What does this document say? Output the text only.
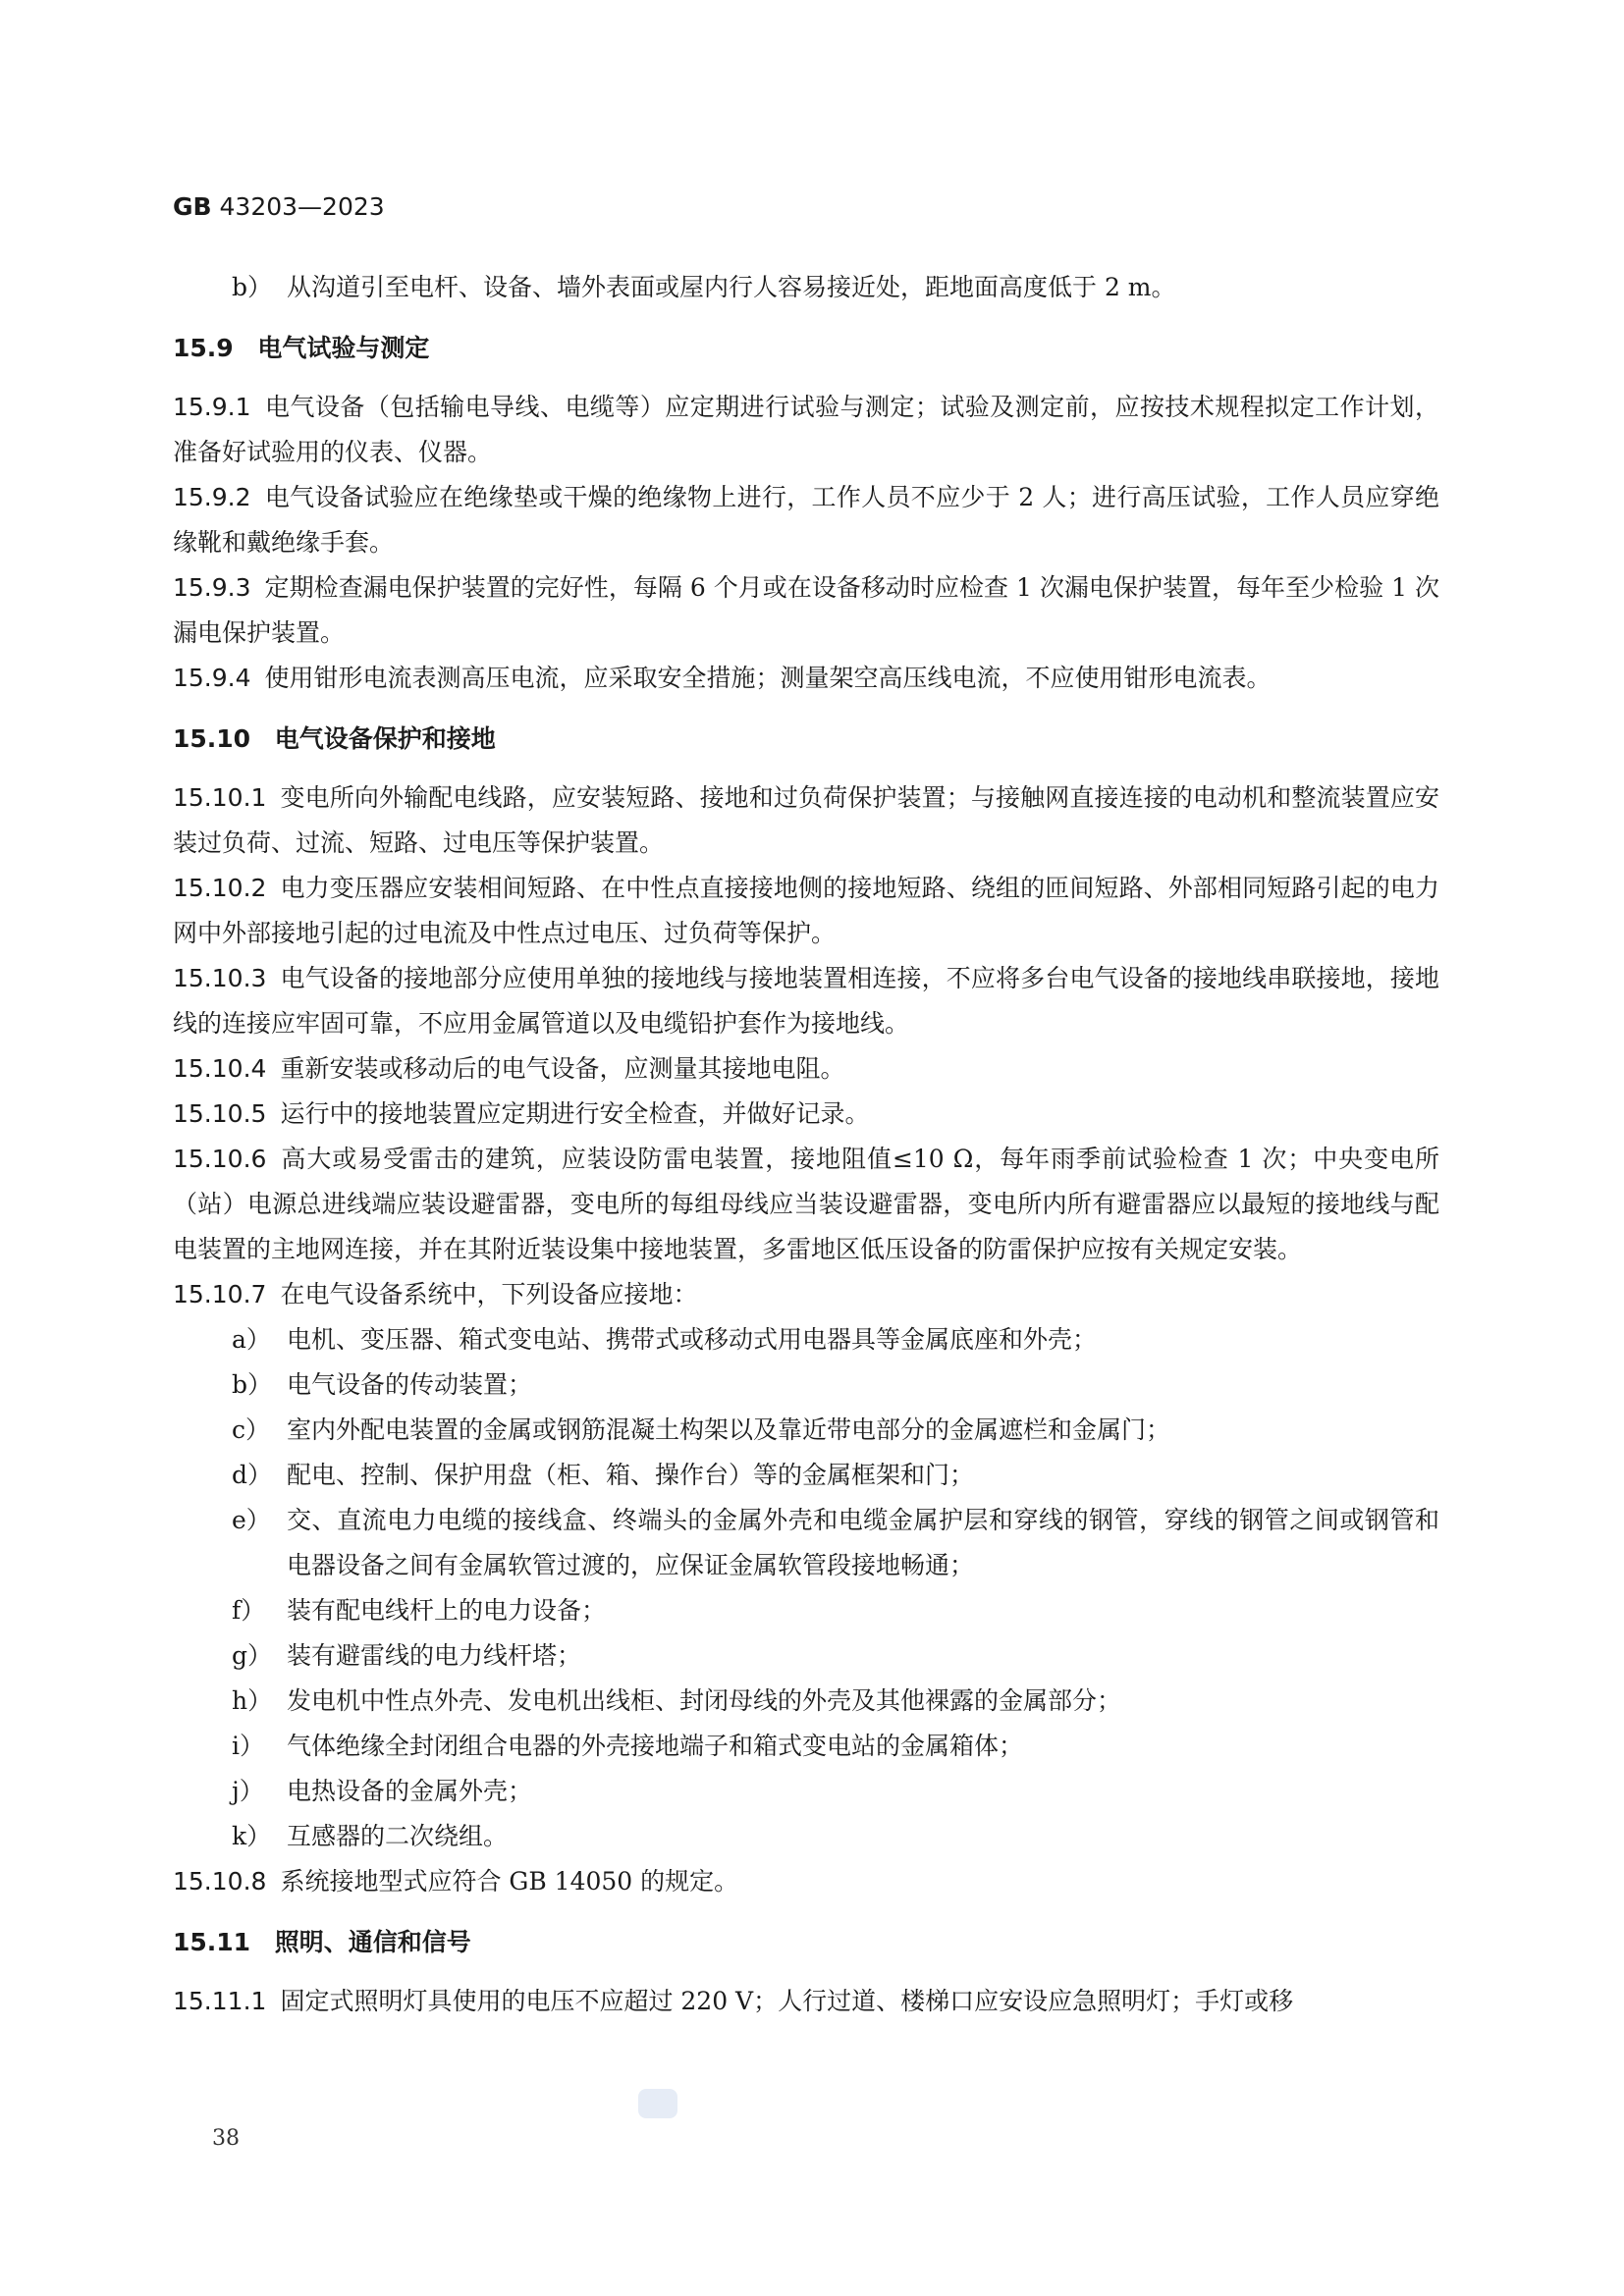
GB 43203—2023
b） 从沟道引至电杆、设备、墙外表面或屋内行人容易接近处，距地面高度低于 2 m。
15.9 电气试验与测定

15.9.1 电气设备（包括输电导线、电缆等）应定期进行试验与测定；试验及测定前，应按技术规程拟定工作计划，准备好试验用的仪表、仪器。

15.9.2 电气设备试验应在绝缘垫或干燥的绝缘物上进行，工作人员不应少于 2 人；进行高压试验，工作人员应穿绝缘靴和戴绝缘手套。

15.9.3 定期检查漏电保护装置的完好性，每隔 6 个月或在设备移动时应检查 1 次漏电保护装置，每年至少检验 1 次漏电保护装置。

15.9.4 使用钳形电流表测高压电流，应采取安全措施；测量架空高压线电流，不应使用钳形电流表。

15.10 电气设备保护和接地

15.10.1 变电所向外输配电线路，应安装短路、接地和过负荷保护装置；与接触网直接连接的电动机和整流装置应安装过负荷、过流、短路、过电压等保护装置。

15.10.2 电力变压器应安装相间短路、在中性点直接接地侧的接地短路、绕组的匝间短路、外部相同短路引起的电力网中外部接地引起的过电流及中性点过电压、过负荷等保护。

15.10.3 电气设备的接地部分应使用单独的接地线与接地装置相连接，不应将多台电气设备的接地线串联接地，接地线的连接应牢固可靠，不应用金属管道以及电缆铅护套作为接地线。

15.10.4 重新安装或移动后的电气设备，应测量其接地电阻。

15.10.5 运行中的接地装置应定期进行安全检查，并做好记录。

15.10.6 高大或易受雷击的建筑，应装设防雷电装置，接地阻值≤10 Ω，每年雨季前试验检查 1 次；中央变电所（站）电源总进线端应装设避雷器，变电所的每组母线应当装设避雷器，变电所内所有避雷器应以最短的接地线与配电装置的主地网连接，并在其附近装设集中接地装置，多雷地区低压设备的防雷保护应按有关规定安装。

15.10.7 在电气设备系统中，下列设备应接地：

a） 电机、变压器、箱式变电站、携带式或移动式用电器具等金属底座和外壳；
b） 电气设备的传动装置；
c） 室内外配电装置的金属或钢筋混凝土构架以及靠近带电部分的金属遮栏和金属门；
d） 配电、控制、保护用盘（柜、箱、操作台）等的金属框架和门；
e） 交、直流电力电缆的接线盒、终端头的金属外壳和电缆金属护层和穿线的钢管，穿线的钢管之间或钢管和电器设备之间有金属软管过渡的，应保证金属软管段接地畅通；
f） 装有配电线杆上的电力设备；
g） 装有避雷线的电力线杆塔；
h） 发电机中性点外壳、发电机出线柜、封闭母线的外壳及其他裸露的金属部分；
i） 气体绝缘全封闭组合电器的外壳接地端子和箱式变电站的金属箱体；
j） 电热设备的金属外壳；
k） 互感器的二次绕组。

15.10.8 系统接地型式应符合 GB 14050 的规定。

15.11 照明、通信和信号

15.11.1 固定式照明灯具使用的电压不应超过 220 V；人行过道、楼梯口应安设应急照明灯；手灯或移

38
